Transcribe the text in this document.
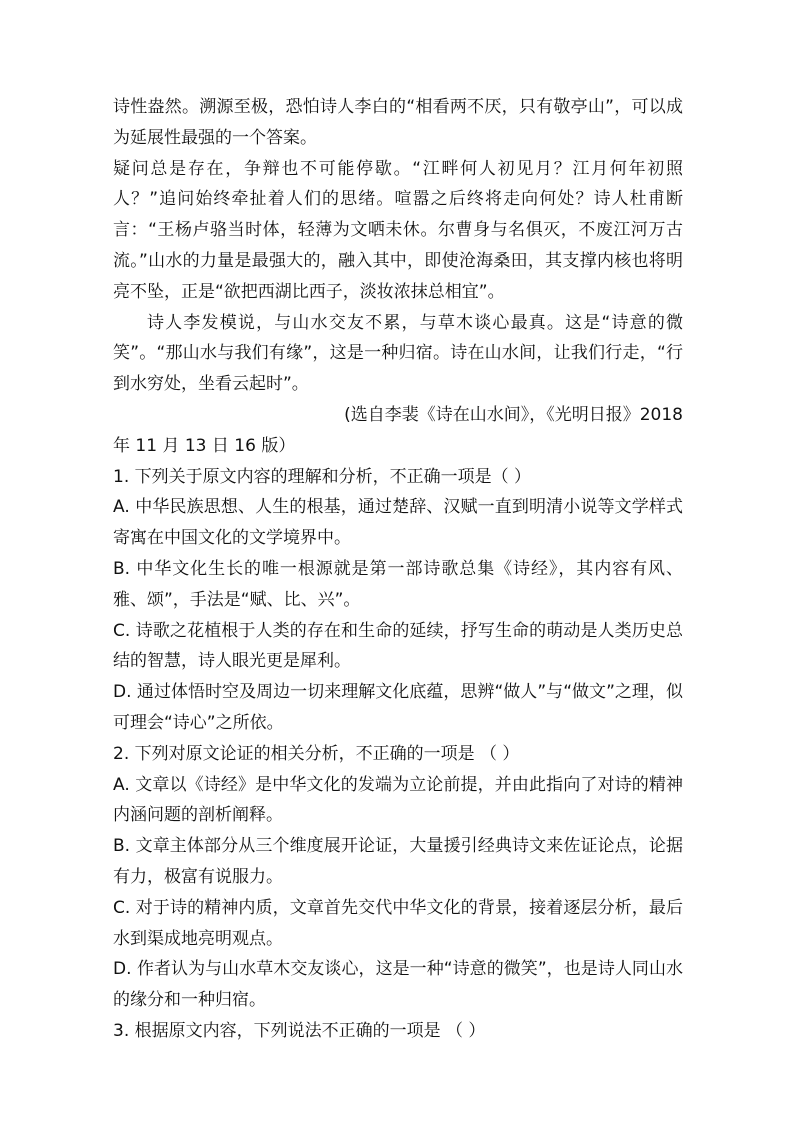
诗性盎然。溯源至极，恐怕诗人李白的“相看两不厌，只有敬亭山”，可以成为延展性最强的一个答案。

疑问总是存在，争辩也不可能停歇。“江畔何人初见月？江月何年初照人？”追问始终牵扯着人们的思绪。喧嚣之后终将走向何处？诗人杜甫断言：“王杨卢骆当时体，轻薄为文哂未休。尔曹身与名俱灭，不废江河万古流。”山水的力量是最强大的，融入其中，即使沧海桑田，其支撑内核也将明亮不坠，正是“欲把西湖比西子，淡妆浓抹总相宜”。

诗人李发模说，与山水交友不累，与草木谈心最真。这是“诗意的微笑”。“那山水与我们有缘”，这是一种归宿。诗在山水间，让我们行走，“行到水穷处，坐看云起时”。

(选自李裴《诗在山水间》，《光明日报》2018

年 11 月 13 日 16 版）

1. 下列关于原文内容的理解和分析，不正确一项是（ ）

A. 中华民族思想、人生的根基，通过楚辞、汉赋一直到明清小说等文学样式寄寓在中国文化的文学境界中。

B. 中华文化生长的唯一根源就是第一部诗歌总集《诗经》，其内容有风、雅、颂”，手法是“赋、比、兴”。

C. 诗歌之花植根于人类的存在和生命的延续，抒写生命的萌动是人类历史总结的智慧，诗人眼光更是犀利。

D. 通过体悟时空及周边一切来理解文化底蕴，思辨“做人”与“做文”之理，似可理会“诗心”之所依。

2. 下列对原文论证的相关分析，不正确的一项是 （ ）

A. 文章以《诗经》是中华文化的发端为立论前提，并由此指向了对诗的精神内涵问题的剖析阐释。

B. 文章主体部分从三个维度展开论证，大量援引经典诗文来佐证论点，论据有力，极富有说服力。

C. 对于诗的精神内质，文章首先交代中华文化的背景，接着逐层分析，最后水到渠成地亮明观点。

D. 作者认为与山水草木交友谈心，这是一种“诗意的微笑”，也是诗人同山水的缘分和一种归宿。

3. 根据原文内容，下列说法不正确的一项是 （ ）
